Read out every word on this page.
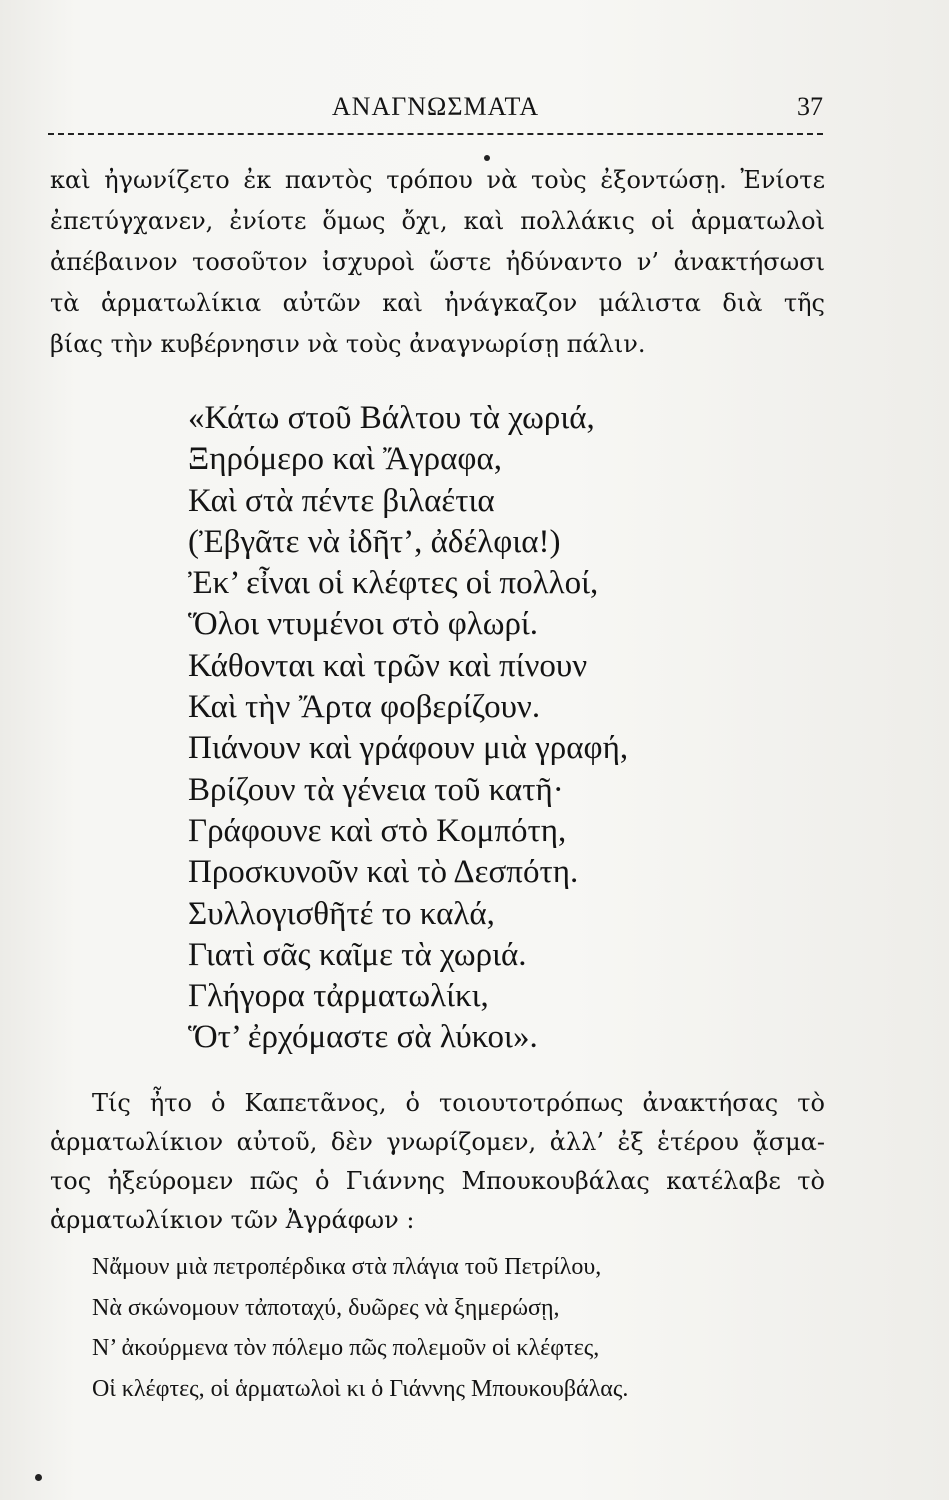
ΑΝΑΓΝΩΣΜΑΤΑ	37
καὶ ἠγωνίζετο ἐκ παντὸς τρόπου νὰ τοὺς ἐξοντώσῃ. Ἐνίοτε
ἐπετύγχανεν, ἐνίοτε ὅμως ὄχι, καὶ πολλάκις οἱ ἁρματωλοὶ
ἀπέβαινον τοσοῦτον ἰσχυροὶ ὥστε ἠδύναντο ν’ ἀνακτήσωσι
τὰ ἁρματωλίκια αὐτῶν καὶ ἠνάγκαζον μάλιστα διὰ τῆς
βίας τὴν κυβέρνησιν νὰ τοὺς ἀναγνωρίσῃ πάλιν.
«Κάτω στοῦ Βάλτου τὰ χωριά,
Ξηρόμερο καὶ Ἄγραφα,
Καὶ στὰ πέντε βιλαέτια
(Ἐβγᾶτε νὰ ἰδῆτ’, ἀδέλφια!)
Ἐκ’ εἶναι οἱ κλέφτες οἱ πολλοί,
Ὅλοι ντυμένοι στὸ φλωρί.
Κάθονται καὶ τρῶν καὶ πίνουν
Καὶ τὴν Ἄρτα φοβερίζουν.
Πιάνουν καὶ γράφουν μιὰ γραφή,
Βρίζουν τὰ γένεια τοῦ κατῆ·
Γράφουνε καὶ στὸ Κομπότη,
Προσκυνοῦν καὶ τὸ Δεσπότη.
Συλλογισθῆτέ το καλά,
Γιατὶ σᾶς καῖμε τὰ χωριά.
Γλήγορα τἀρματωλίκι,
Ὅτ’ ἐρχόμαστε σὰ λύκοι».
Τίς ἦτο ὁ Καπετᾶνος, ὁ τοιουτοτρόπως ἀνακτήσας τὸ
ἁρματωλίκιον αὐτοῦ, δὲν γνωρίζομεν, ἀλλ’ ἐξ ἑτέρου ᾄσμα-
τος ἠξεύρομεν πῶς ὁ Γιάννης Μπουκουβάλας κατέλαβε τὸ
ἁρματωλίκιον τῶν Ἀγράφων :
Νἄμουν μιὰ πετροπέρδικα στὰ πλάγια τοῦ Πετρίλου,
Νὰ σκώνομουν τἀποταχύ, δυῶρες νὰ ξημερώσῃ,
Ν’ ἀκούρμενα τὸν πόλεμο πῶς πολεμοῦν οἱ κλέφτες,
Οἱ κλέφτες, οἱ ἁρματωλοὶ κι ὁ Γιάννης Μπουκουβάλας.
